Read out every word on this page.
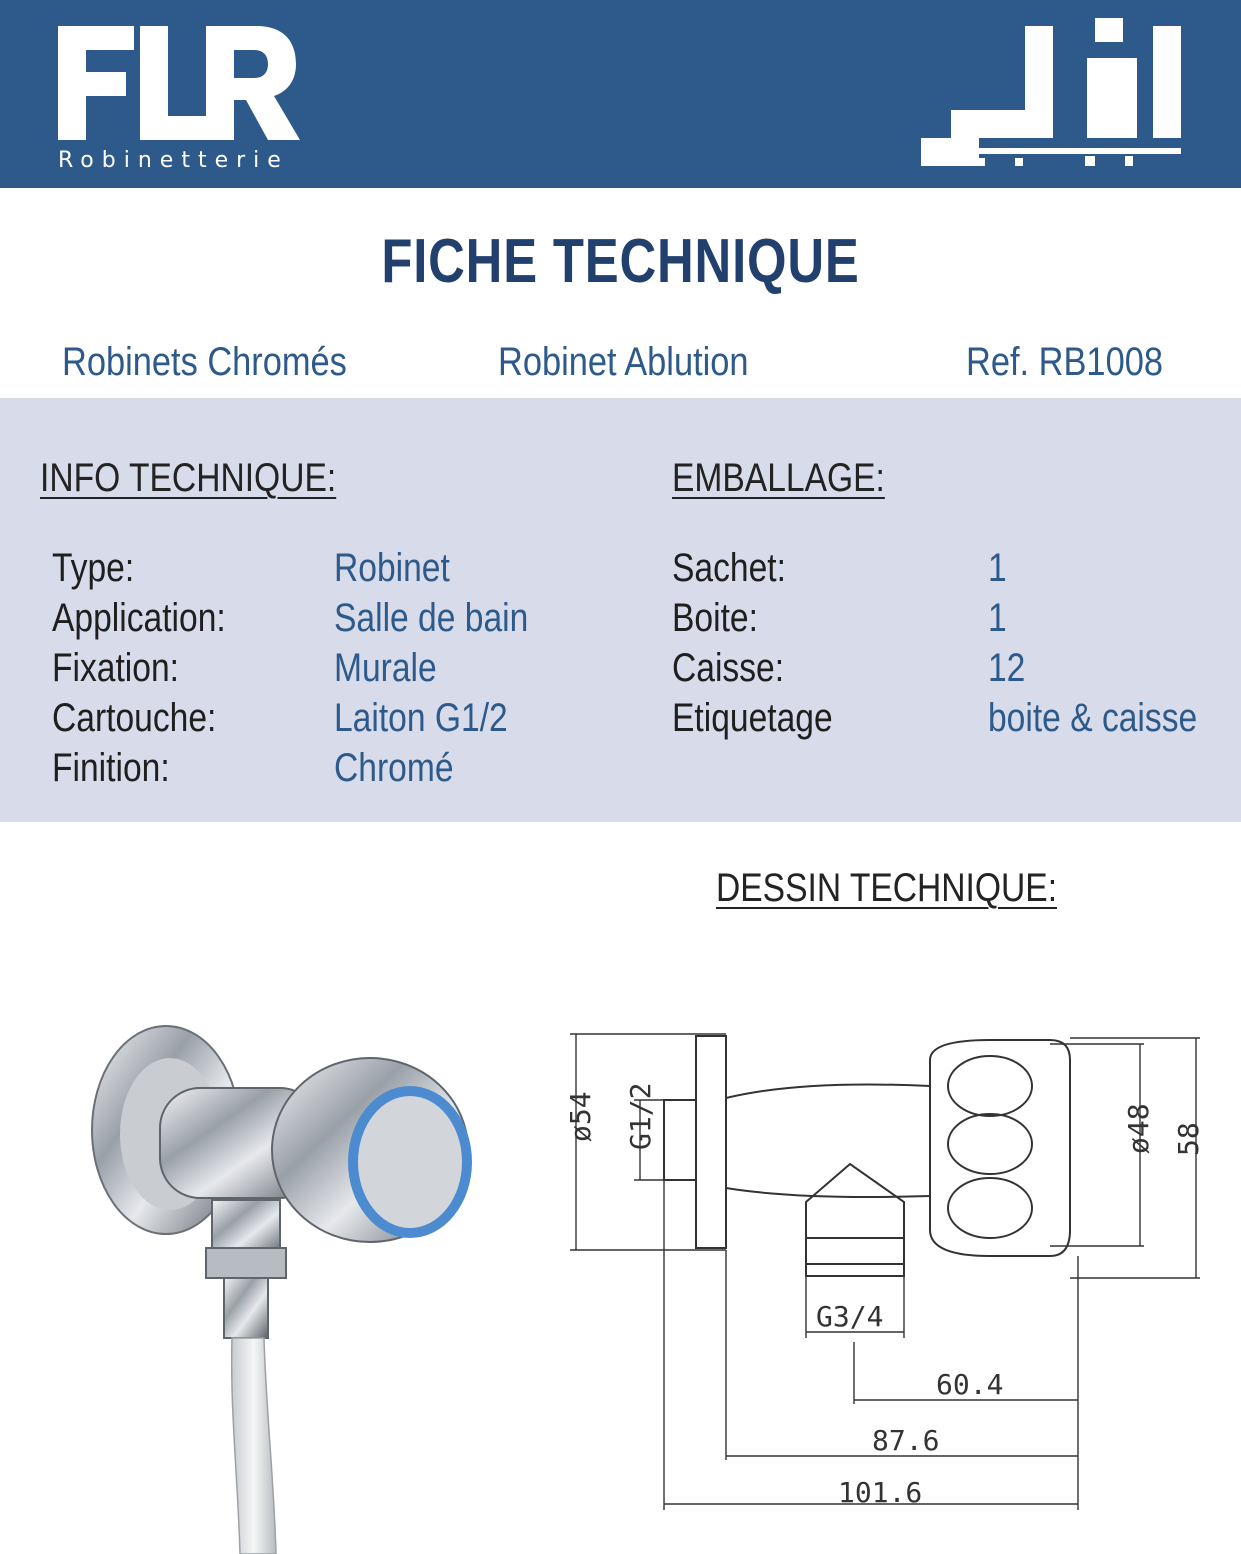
Robinetterie
FICHE TECHNIQUE
Robinets Chromés	Robinet Ablution	Ref. RB1008
INFO TECHNIQUE:	EMBALLAGE:
Type:	Robinet
Application:	Salle de bain
Fixation:	Murale
Cartouche:	Laiton G1/2
Finition:	Chromé
Sachet:	1
Boite:	1
Caisse:	12
Etiquetage	boite & caisse
DESSIN TECHNIQUE:
ø54 G1/2	ø48 58
G3/4
60.4
87.6
101.6
